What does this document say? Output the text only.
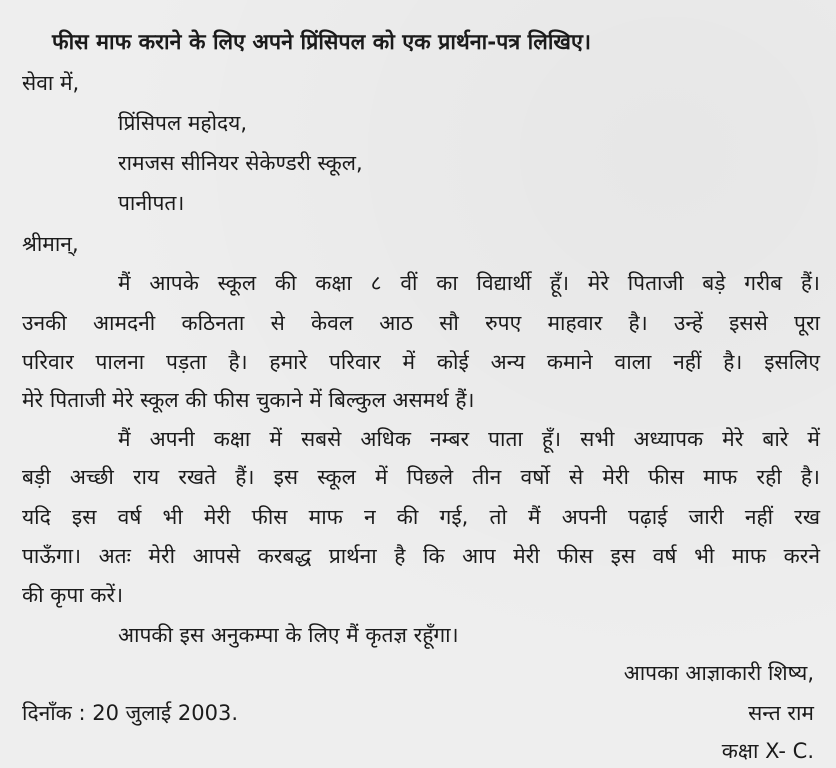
फीस माफ कराने के लिए अपने प्रिंसिपल को एक प्रार्थना-पत्र लिखिए।
सेवा में,
प्रिंसिपल महोदय,
रामजस सीनियर सेकेण्डरी स्कूल,
पानीपत।
श्रीमान्,
मैं आपके स्कूल की कक्षा ८ वीं का विद्यार्थी हूँ। मेरे पिताजी बड़े गरीब हैं।
उनकी आमदनी कठिनता से केवल आठ सौ रुपए माहवार है। उन्हें इससे पूरा
परिवार पालना पड़ता है। हमारे परिवार में कोई अन्य कमाने वाला नहीं है। इसलिए
मेरे पिताजी मेरे स्कूल की फीस चुकाने में बिल्कुल असमर्थ हैं।
मैं अपनी कक्षा में सबसे अधिक नम्बर पाता हूँ। सभी अध्यापक मेरे बारे में
बड़ी अच्छी राय रखते हैं। इस स्कूल में पिछले तीन वर्षो से मेरी फीस माफ रही है।
यदि इस वर्ष भी मेरी फीस माफ न की गई, तो मैं अपनी पढ़ाई जारी नहीं रख
पाऊँगा। अतः मेरी आपसे करबद्ध प्रार्थना है कि आप मेरी फीस इस वर्ष भी माफ करने
की कृपा करें।
आपकी इस अनुकम्पा के लिए मैं कृतज्ञ रहूँगा।
आपका आज्ञाकारी शिष्य,
दिनाँक : 20 जुलाई 2003.	सन्त राम
कक्षा X- C.
